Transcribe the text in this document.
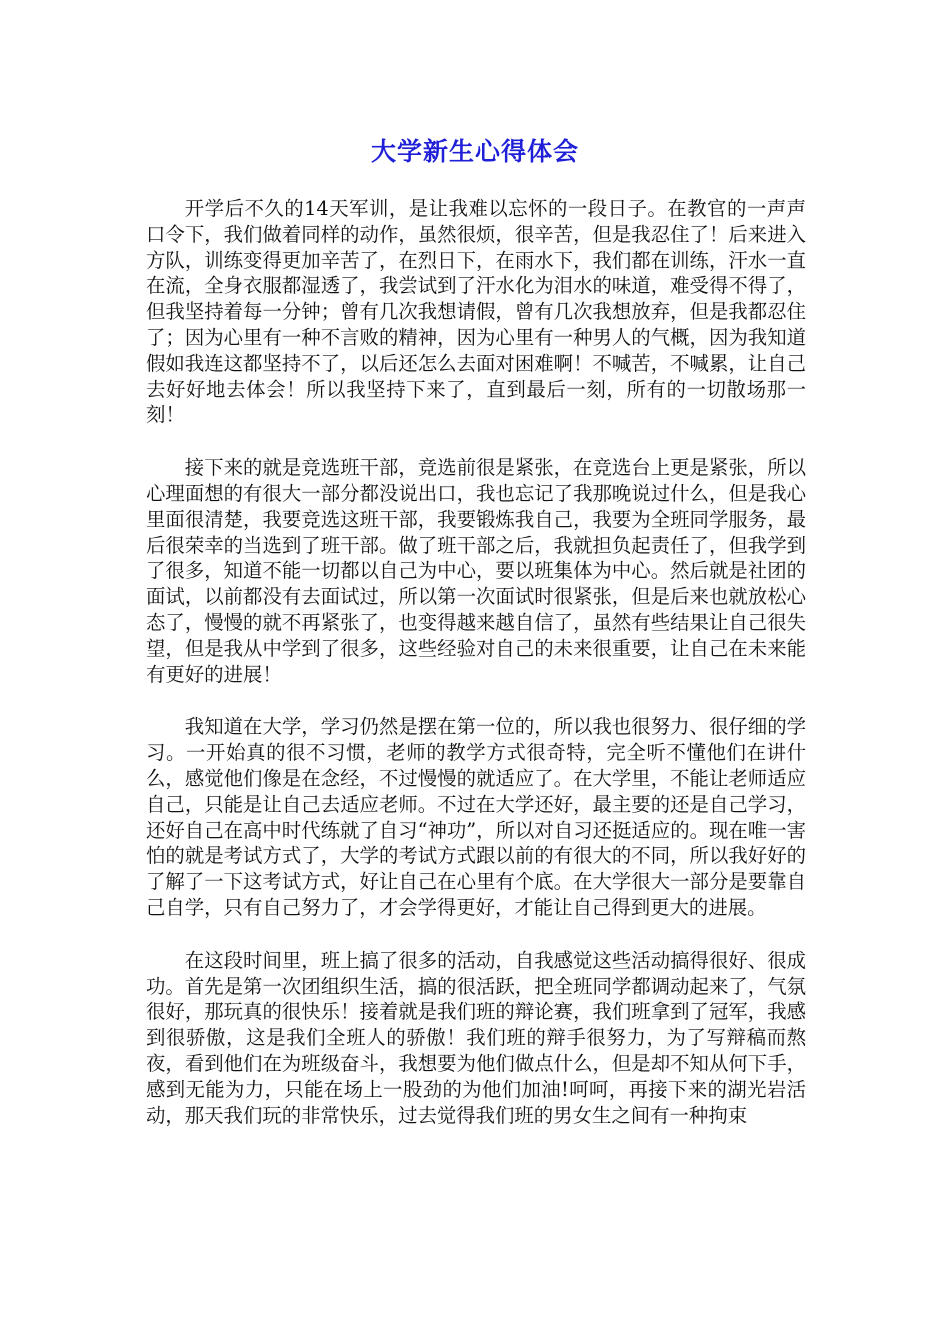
大学新生心得体会

开学后不久的14天军训，是让我难以忘怀的一段日子。在教官的一声声口令下，我们做着同样的动作，虽然很烦，很辛苦，但是我忍住了！后来进入方队，训练变得更加辛苦了，在烈日下，在雨水下，我们都在训练，汗水一直在流，全身衣服都湿透了，我尝试到了汗水化为泪水的味道，难受得不得了，但我坚持着每一分钟；曾有几次我想请假，曾有几次我想放弃，但是我都忍住了；因为心里有一种不言败的精神，因为心里有一种男人的气概，因为我知道假如我连这都坚持不了，以后还怎么去面对困难啊！不喊苦，不喊累，让自己去好好地去体会！所以我坚持下来了，直到最后一刻，所有的一切散场那一刻！

接下来的就是竞选班干部，竞选前很是紧张，在竞选台上更是紧张，所以心理面想的有很大一部分都没说出口，我也忘记了我那晚说过什么，但是我心里面很清楚，我要竞选这班干部，我要锻炼我自己，我要为全班同学服务，最后很荣幸的当选到了班干部。做了班干部之后，我就担负起责任了，但我学到了很多，知道不能一切都以自己为中心，要以班集体为中心。然后就是社团的面试，以前都没有去面试过，所以第一次面试时很紧张，但是后来也就放松心态了，慢慢的就不再紧张了，也变得越来越自信了，虽然有些结果让自己很失望，但是我从中学到了很多，这些经验对自己的未来很重要，让自己在未来能有更好的进展！

我知道在大学，学习仍然是摆在第一位的，所以我也很努力、很仔细的学习。一开始真的很不习惯，老师的教学方式很奇特，完全听不懂他们在讲什么，感觉他们像是在念经，不过慢慢的就适应了。在大学里，不能让老师适应自己，只能是让自己去适应老师。不过在大学还好，最主要的还是自己学习，还好自己在高中时代练就了自习“神功”，所以对自习还挺适应的。现在唯一害怕的就是考试方式了，大学的考试方式跟以前的有很大的不同，所以我好好的了解了一下这考试方式，好让自己在心里有个底。在大学很大一部分是要靠自己自学，只有自己努力了，才会学得更好，才能让自己得到更大的进展。

在这段时间里，班上搞了很多的活动，自我感觉这些活动搞得很好、很成功。首先是第一次团组织生活，搞的很活跃，把全班同学都调动起来了，气氛很好，那玩真的很快乐！接着就是我们班的辩论赛，我们班拿到了冠军，我感到很骄傲，这是我们全班人的骄傲！我们班的辩手很努力，为了写辩稿而熬夜，看到他们在为班级奋斗，我想要为他们做点什么，但是却不知从何下手，感到无能为力，只能在场上一股劲的为他们加油!呵呵，再接下来的湖光岩活动，那天我们玩的非常快乐，过去觉得我们班的男女生之间有一种拘束
